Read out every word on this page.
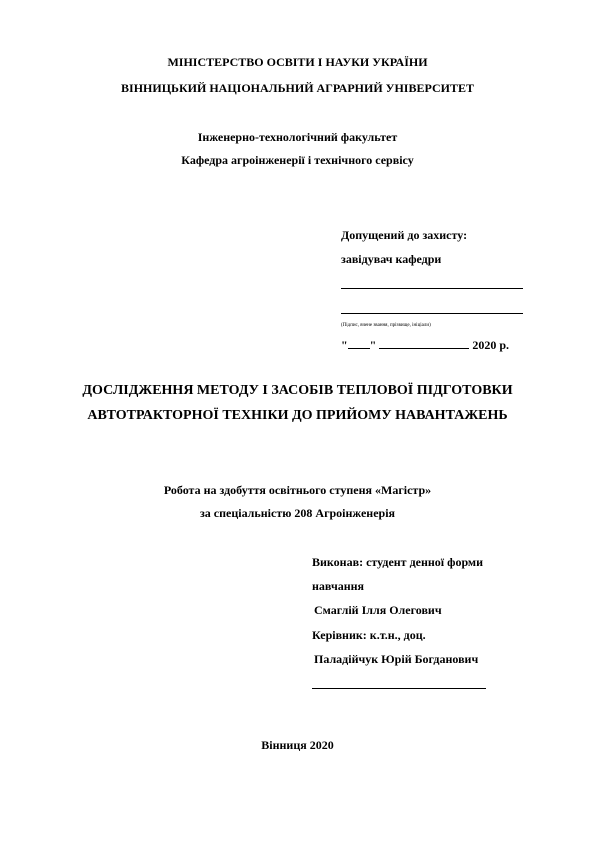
МІНІСТЕРСТВО ОСВІТИ І НАУКИ УКРАЇНИ
ВІННИЦЬКИЙ НАЦІОНАЛЬНИЙ АГРАРНИЙ УНІВЕРСИТЕТ
Інженерно-технологічний факультет
Кафедра агроінженерії і технічного сервісу
Допущений до захисту:
завідувач кафедри
(Підпис, вчене звання, прізвище, ініціали)
" "	2020 р.
ДОСЛІДЖЕННЯ МЕТОДУ І ЗАСОБІВ ТЕПЛОВОЇ ПІДГОТОВКИ
АВТОТРАКТОРНОЇ ТЕХНІКИ ДО ПРИЙОМУ НАВАНТАЖЕНЬ
Робота на здобуття освітнього ступеня «Магістр»
за спеціальністю 208 Агроінженерія
Виконав: студент денної форми
навчання
Смаглій Ілля Олегович
Керівник: к.т.н., доц.
Паладійчук Юрій Богданович
Вінниця 2020
